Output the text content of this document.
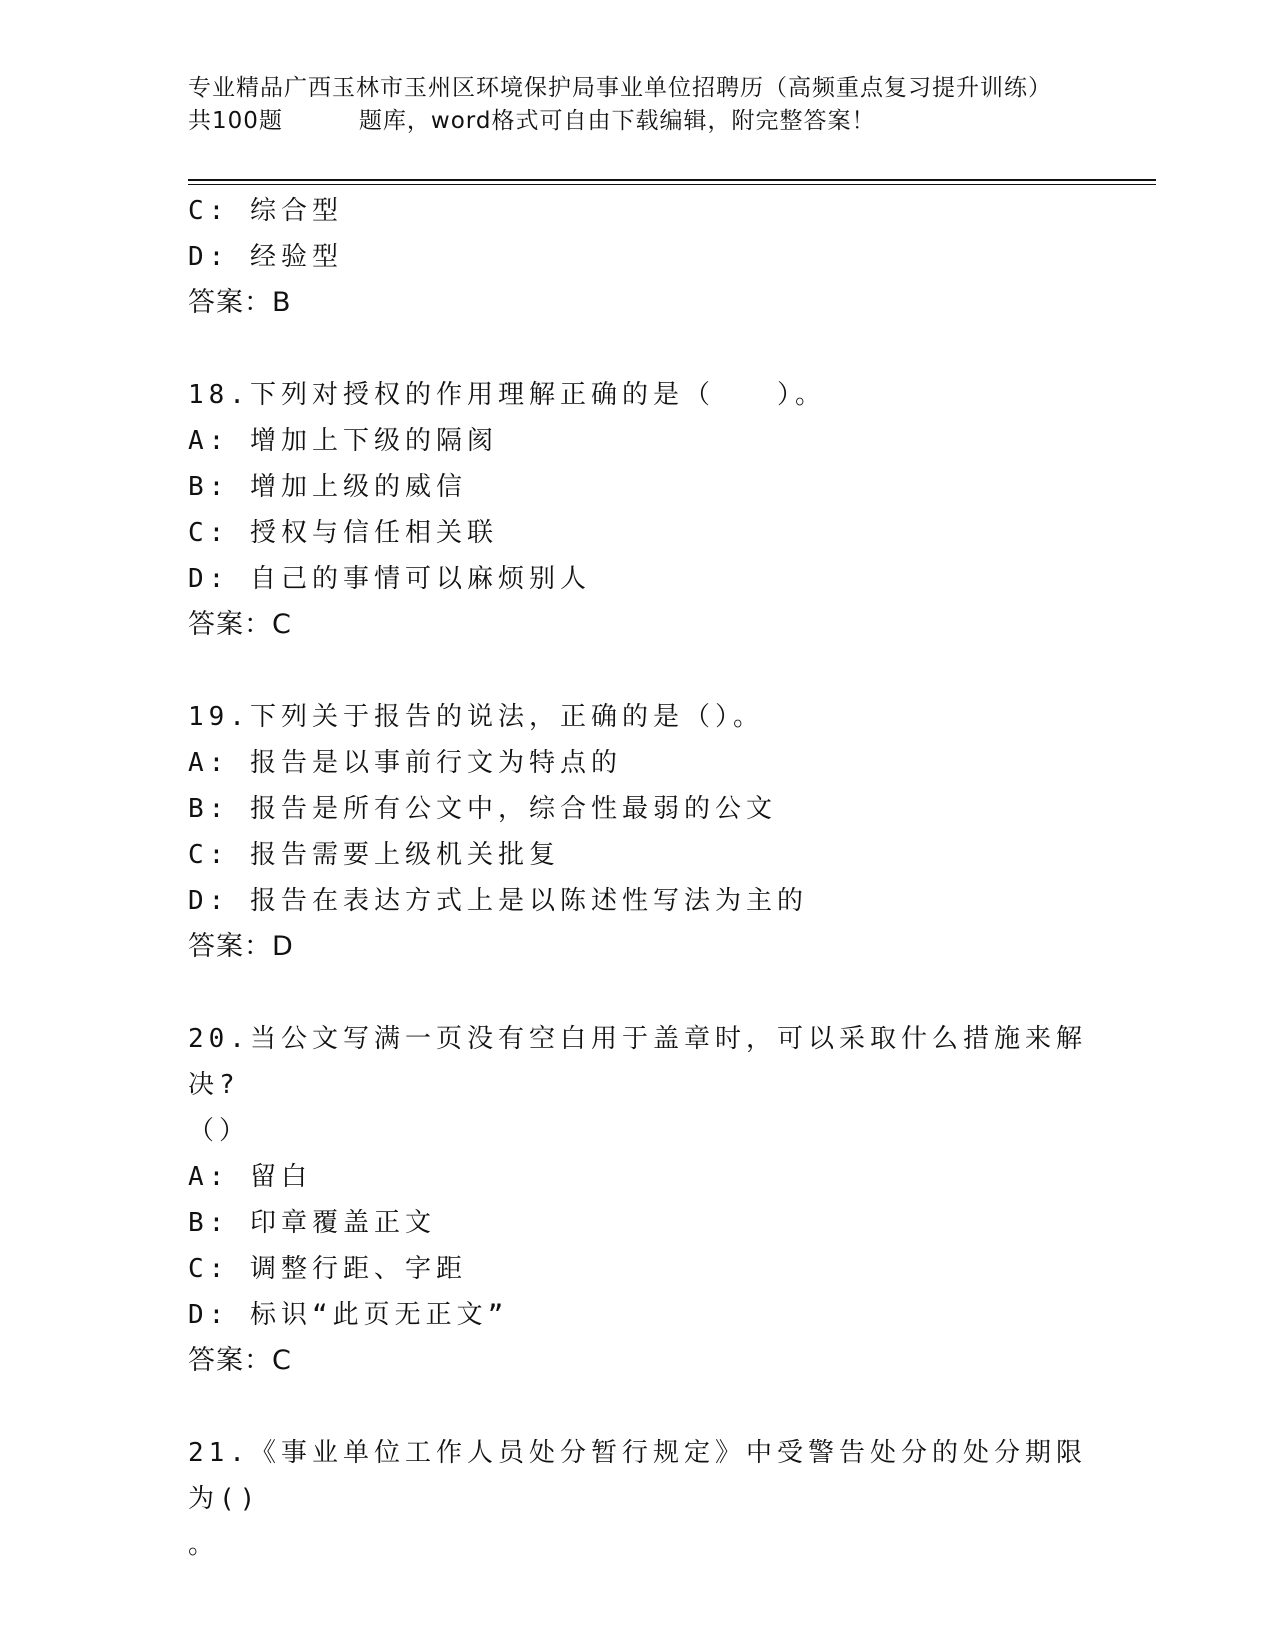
专业精品广西玉林市玉州区环境保护局事业单位招聘历（高频重点复习提升训练）
共100题	题库，word格式可自由下载编辑，附完整答案！
C: 综合型
D: 经验型
答案：B
18.下列对授权的作用理解正确的是（　　）。
A: 增加上下级的隔阂
B: 增加上级的威信
C: 授权与信任相关联
D: 自己的事情可以麻烦别人
答案：C
19.下列关于报告的说法，正确的是（）。
A: 报告是以事前行文为特点的
B: 报告是所有公文中，综合性最弱的公文
C: 报告需要上级机关批复
D: 报告在表达方式上是以陈述性写法为主的
答案：D
20.当公文写满一页没有空白用于盖章时，可以采取什么措施来解决?
（）
A: 留白
B: 印章覆盖正文
C: 调整行距、字距
D: 标识“此页无正文”
答案：C
21.《事业单位工作人员处分暂行规定》中受警告处分的处分期限为()
。
